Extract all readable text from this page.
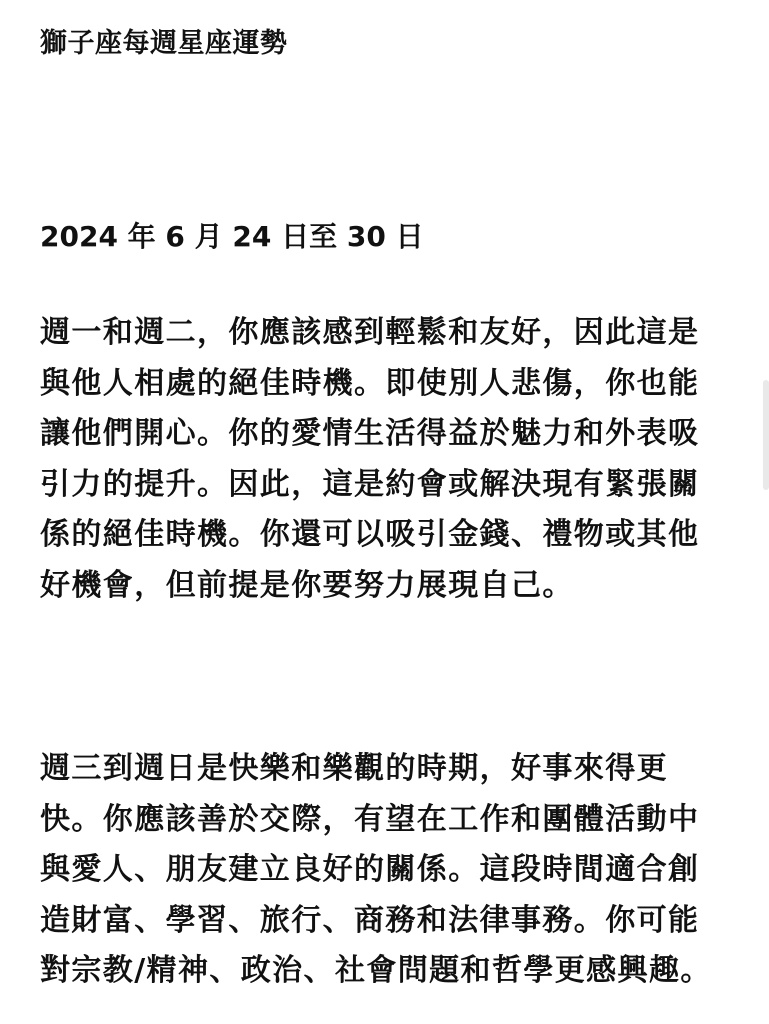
獅子座每週星座運勢
2024 年 6 月 24 日至 30 日
週一和週二，你應該感到輕鬆和友好，因此這是
與他人相處的絕佳時機。即使別人悲傷，你也能
讓他們開心。你的愛情生活得益於魅力和外表吸
引力的提升。因此，這是約會或解決現有緊張關
係的絕佳時機。你還可以吸引金錢、禮物或其他
好機會，但前提是你要努力展現自己。
週三到週日是快樂和樂觀的時期，好事來得更
快。你應該善於交際，有望在工作和團體活動中
與愛人、朋友建立良好的關係。這段時間適合創
造財富、學習、旅行、商務和法律事務。你可能
對宗教/精神、政治、社會問題和哲學更感興趣。
